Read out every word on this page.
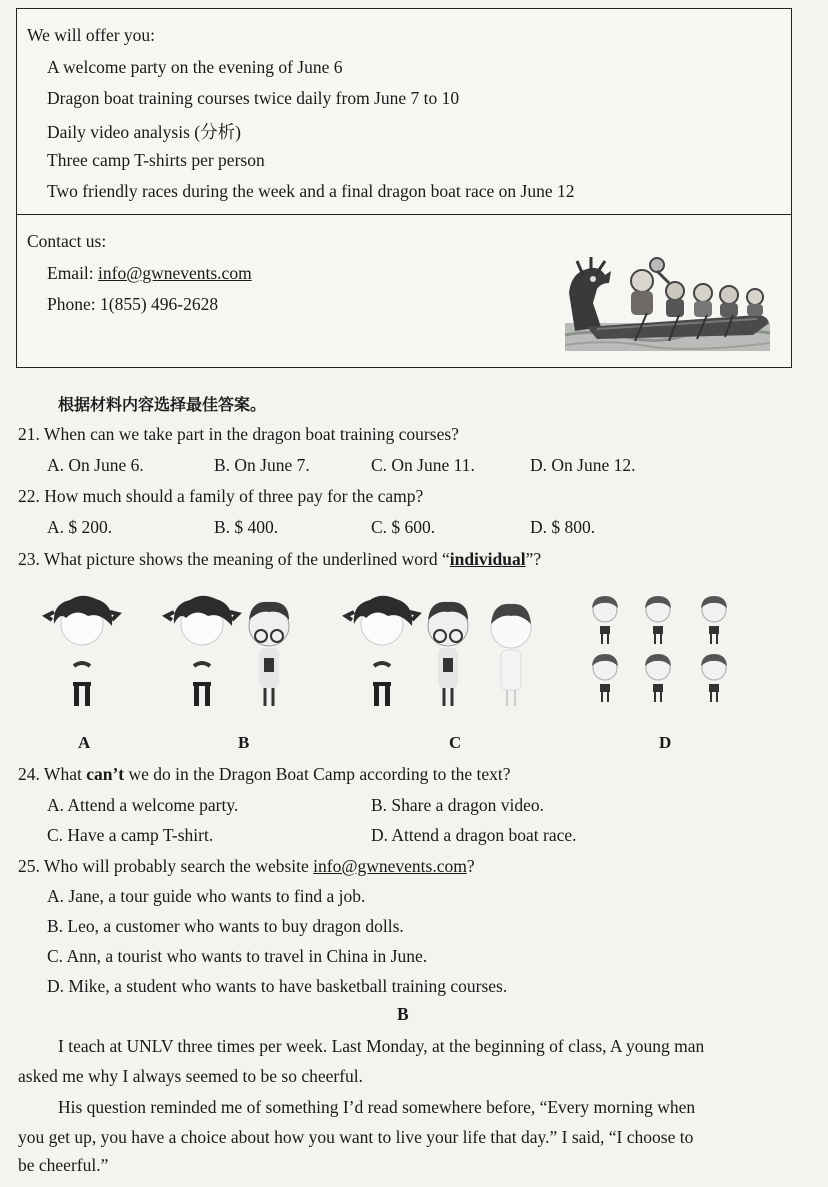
We will offer you:
A welcome party on the evening of June 6
Dragon boat training courses twice daily from June 7 to 10
Daily video analysis (分析)
Three camp T-shirts per person
Two friendly races during the week and a final dragon boat race on June 12
Contact us:
Email: info@gwnevents.com
Phone: 1(855) 496-2628
根据材料内容选择最佳答案。
21. When can we take part in the dragon boat training courses?
A. On June 6.	B. On June 7.	C. On June 11.	D. On June 12.
22. How much should a family of three pay for the camp?
A. $ 200.	B. $ 400.	C. $ 600.	D. $ 800.
23. What picture shows the meaning of the underlined word “individual”?
A	B	C	D
24. What can’t we do in the Dragon Boat Camp according to the text?
A. Attend a welcome party.	B. Share a dragon video.
C. Have a camp T-shirt.	D. Attend a dragon boat race.
25. Who will probably search the website info@gwnevents.com?
A. Jane, a tour guide who wants to find a job.
B. Leo, a customer who wants to buy dragon dolls.
C. Ann, a tourist who wants to travel in China in June.
D. Mike, a student who wants to have basketball training courses.
B
I teach at UNLV three times per week. Last Monday, at the beginning of class, A young man
asked me why I always seemed to be so cheerful.
His question reminded me of something I’d read somewhere before, “Every morning when
you get up, you have a choice about how you want to live your life that day.” I said, “I choose to
be cheerful.”
